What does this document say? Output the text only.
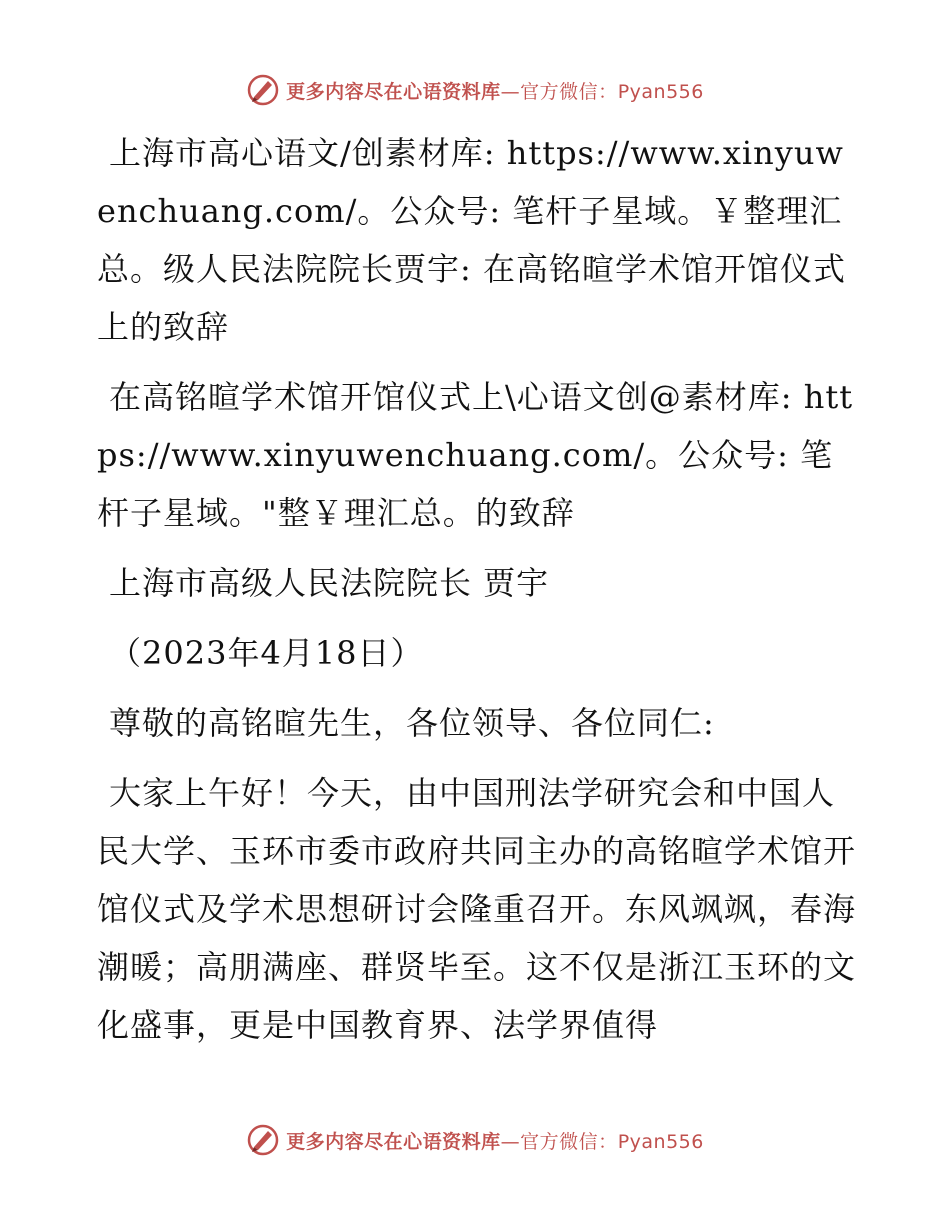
更多内容尽在心语资料库—官方微信：Pyan556

上海市高心语文/创素材库: https://www.xinyuwenchuang.com/。公众号: 笔杆子星域。￥整理汇总。级人民法院院长贾宇: 在高铭暄学术馆开馆仪式上的致辞

在高铭暄学术馆开馆仪式上\心语文创@素材库: https://www.xinyuwenchuang.com/。公众号: 笔杆子星域。"整￥理汇总。的致辞

上海市高级人民法院院长 贾宇

（2023年4月18日）

尊敬的高铭暄先生，各位领导、各位同仁:

大家上午好！今天，由中国刑法学研究会和中国人民大学、玉环市委市政府共同主办的高铭暄学术馆开馆仪式及学术思想研讨会隆重召开。东风飒飒，春海潮暖；高朋满座、群贤毕至。这不仅是浙江玉环的文化盛事，更是中国教育界、法学界值得

更多内容尽在心语资料库—官方微信：Pyan556
